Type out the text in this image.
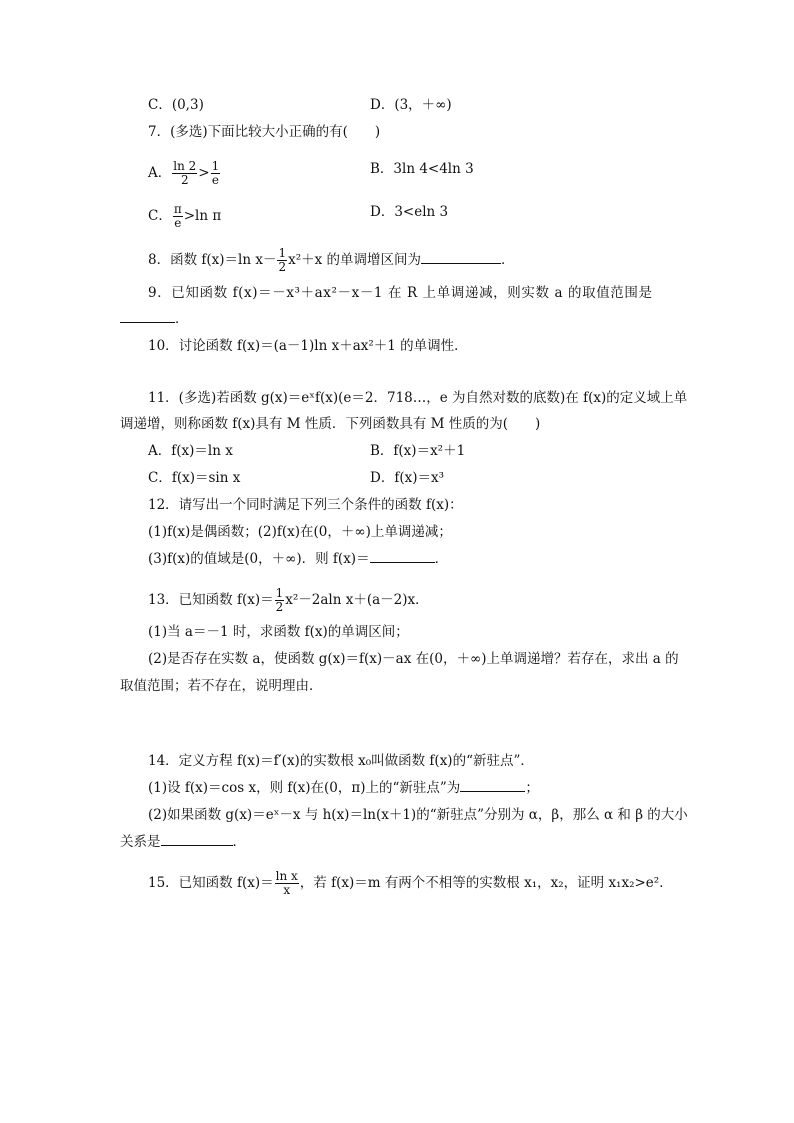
C．(0,3)	D．(3，＋∞)
7．(多选)下面比较大小正确的有(　　)
A． $\frac{\ln 2}{2} > \frac{1}{e}$	B．3ln 4<4ln 3
C． $\frac{\pi}{e} >\ln$ π	D．3<eln 3
8．函数 f(x)＝ln $x- \frac{1}{2} x^2+x$ 的单调增区间为	．
9．已知函数 f(x)＝－x³＋ax²－x－1 在 R 上单调递减，则实数 a 的取值范围是
．
10．讨论函数 f(x)＝(a－1)ln x＋ax²＋1 的单调性．
11．(多选)若函数 g(x)＝eˣf(x)(e＝2．718…，e 为自然对数的底数)在 f(x)的定义域上单
调递增，则称函数 f(x)具有 M 性质．下列函数具有 M 性质的为(　　)
A．f(x)＝ln x	B．f(x)＝x²＋1
C．f(x)＝sin x	D．f(x)＝x³
12．请写出一个同时满足下列三个条件的函数 f(x)：
(1)f(x)是偶函数；(2)f(x)在(0，＋∞)上单调递减；
(3)f(x)的值域是(0，＋∞)．则 f(x)＝	．
13．已知函数 $f(x)= \frac{1}{2} x^2-2aln$ x＋(a－2)x．
(1)当 a＝－1 时，求函数 f(x)的单调区间；
(2)是否存在实数 a，使函数 g(x)＝f(x)－ax 在(0，＋∞)上单调递增？若存在，求出 a 的
取值范围；若不存在，说明理由．
14．定义方程 f(x)＝f′(x)的实数根 x₀叫做函数 f(x)的“新驻点”．
(1)设 f(x)＝cos x，则 f(x)在(0，π)上的“新驻点”为	；
(2)如果函数 g(x)＝eˣ－x 与 h(x)＝ln(x＋1)的“新驻点”分别为 α，β，那么 α 和 β 的大小
关系是	．
15．已知函数 $f(x)= \frac{\text{ln x}}{x}$ ，若 f(x)＝m 有两个不相等的实数根 x₁，x₂，证明 x₁x₂>e²．
